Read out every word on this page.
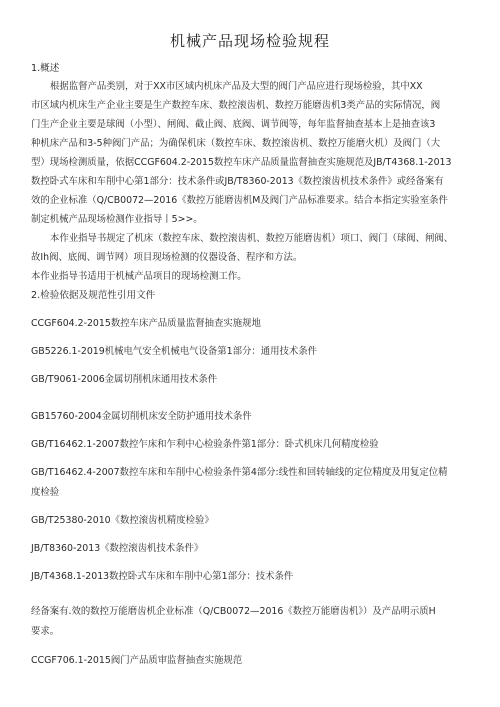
机械产品现场检验规程
1.概述
根据监督产品类别，对于XX市区域内机床产品及大型的阀门产品应进行现场检验，其中XX
市区域内机床生产企业主要是生产数控车床、数控滚齿机、数控万能磨齿机3类产品的实际情况，阀
门生产企业主要是球阀（小型）、闸阀、截止阀、底阀、调节阀等，每年监督抽查基本上是抽查该3
种机床产品和3-5种阀门产品；为确保机床（数控车床、数控滚齿机、数控万能磨火机）及阀门（大
型）现场检测质量，依据CCGF604.2-2015数控车床产品质量监督抽查实施规范及JB/T4368.1-2013
数控卧式车床和车削中心第1部分：技术条件或JB/T8360-2013《数控滚齿机技术条件》或经备案有
效的企业标准（Q/CB0072—2016《数控万能磨齿机M及阀门产品标准要求。结合本指定实验室条件
制定机械产品现场检测作业指导丨5>>。
本作业指导书规定了机床（数控车床、数控滚齿机、数控万能磨齿机）项口、阀门（球阀、闸阀、
故Ih阀、底阀、调节网）项目现场检测的仪器设备、程序和方法。
本作业指导书适用于机械产品项目的现场检测工作。
2.检验依据及规范性引用文件
CCGF604.2-2015数控车床产品质量监督抽查实施规地
GB5226.1-2019机械电气安全机械电气设备第1部分：通用技术条件
GB/T9061-2006金属切削机床通用技术条件
GB15760-2004金属切削机床安全防护通用技术条件
GB/T16462.1-2007数控乍床和乍利中心检验条件第1部分：卧式机床几何精度检验
GB/T16462.4-2007数控车床和车削中心检验条件第4部分:线性和回转轴线的定位精度及用复定位精
度检验
GB/T25380-2010《数控滚齿机精度检验》
JB/T8360-2013《数控滚齿机技术条件》
JB/T4368.1-2013数控卧式车床和车削中心第1部分：技术条件
经备案有.效的数控万能磨齿机企业标准（Q/CB0072—2016《数控万能磨齿机》）及产品明示质H
要求。
CCGF706.1-2015阀门产品质审监督抽查实施规范
